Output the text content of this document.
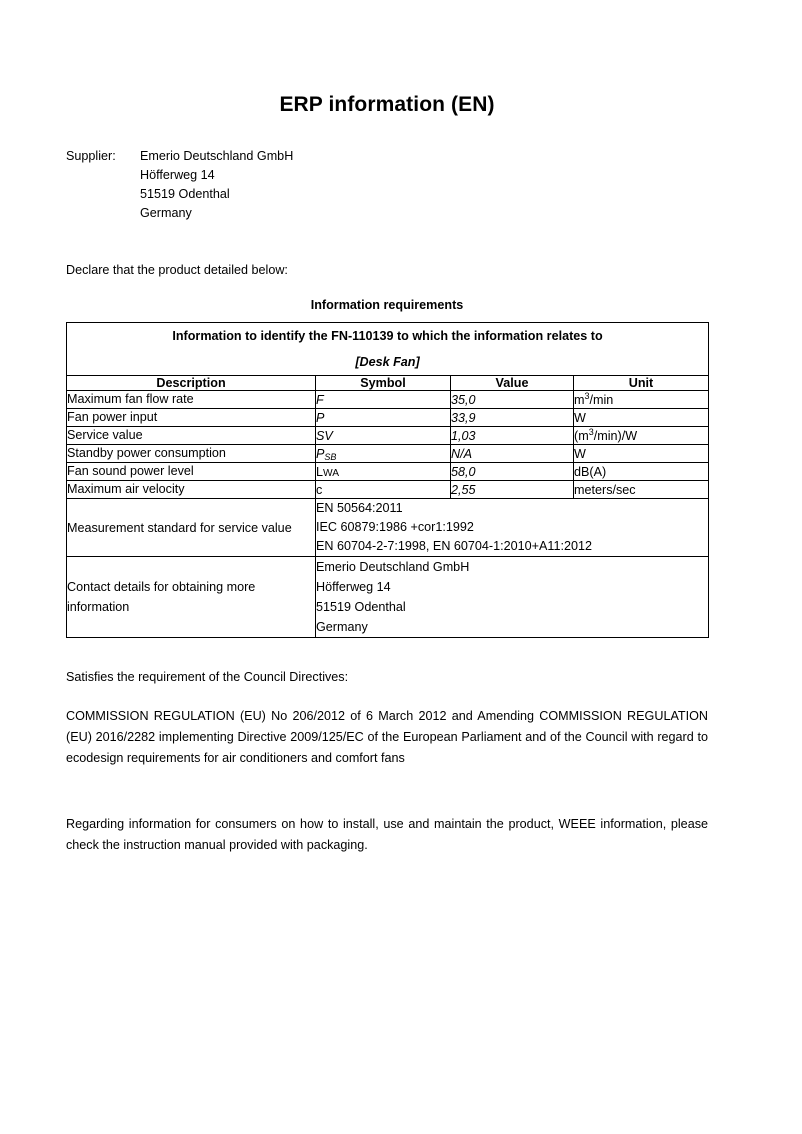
ERP information (EN)
Supplier:	Emerio Deutschland GmbH
Höfferweg 14
51519 Odenthal
Germany
Declare that the product detailed below:
Information requirements
Information to identify the FN-110139 to which the information relates to
[Desk Fan]			

Description	Symbol	Value	Unit
Maximum fan flow rate	F	35,0	$m^3/\min$
Fan power input	P	33,9	W
Service value	SV	1,03	$(m^3/\min)/W$
Standby power consumption	$P_{SB}$	N/A	W
Fan sound power level	LWA	58,0	dB(A)
Maximum air velocity	c	2,55	meters/sec
Measurement standard for service value	EN 50564:2011
IEC 60879:1986 +cor1:1992
EN 60704-2-7:1998, EN 60704-1:2010+A11:2012		

Contact details for obtaining more information	Emerio Deutschland GmbH
Höfferweg 14
51519 Odenthal
Germany		

Satisfies the requirement of the Council Directives:

COMMISSION REGULATION (EU) No 206/2012 of 6 March 2012 and Amending COMMISSION REGULATION (EU) 2016/2282 implementing Directive 2009/125/EC of the European Parliament and of the Council with regard to ecodesign requirements for air conditioners and comfort fans

Regarding information for consumers on how to install, use and maintain the product, WEEE information, please check the instruction manual provided with packaging.
